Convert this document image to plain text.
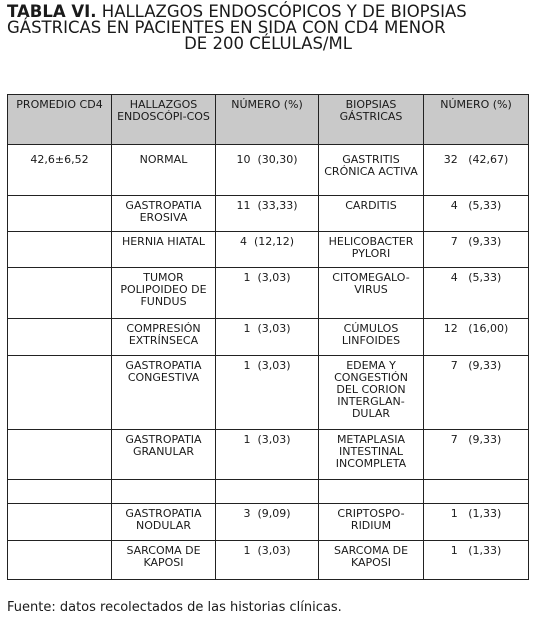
TABLA VI. HALLAZGOS ENDOSCÓPICOS Y DE BIOPSIAS
GÁSTRICAS EN PACIENTES EN SIDA CON CD4 MENOR
DE 200 CÉLULAS/ML
PROMEDIO CD4	HALLAZGOS ENDOSCÓPI-COS	NÚMERO (%)	BIOPSIAS GÁSTRICAS	NÚMERO (%)
42,6±6,52	NORMAL	10  (30,30)	GASTRITIS CRÓNICA ACTIVA	32   (42,67)
	GASTROPATIA EROSIVA	11  (33,33)	CARDITIS	4   (5,33)
	HERNIA HIATAL	4  (12,12)	HELICOBACTER PYLORI	7   (9,33)
	TUMOR POLIPOIDEO DE FUNDUS	1  (3,03)	CITOMEGALO-VIRUS	4   (5,33)
	COMPRESIÓN EXTRÍNSECA	1  (3,03)	CÚMULOS LINFOIDES	12   (16,00)
	GASTROPATIA CONGESTIVA	1  (3,03)	EDEMA Y CONGESTIÓN DEL CORION INTERGLAN-DULAR	7   (9,33)
	GASTROPATIA GRANULAR	1  (3,03)	METAPLASIA INTESTINAL INCOMPLETA	7   (9,33)

	GASTROPATIA NODULAR	3  (9,09)	CRIPTOSPO-RIDIUM	1   (1,33)
	SARCOMA DE KAPOSI	1  (3,03)	SARCOMA DE KAPOSI	1   (1,33)
Fuente: datos recolectados de las historias clínicas.
